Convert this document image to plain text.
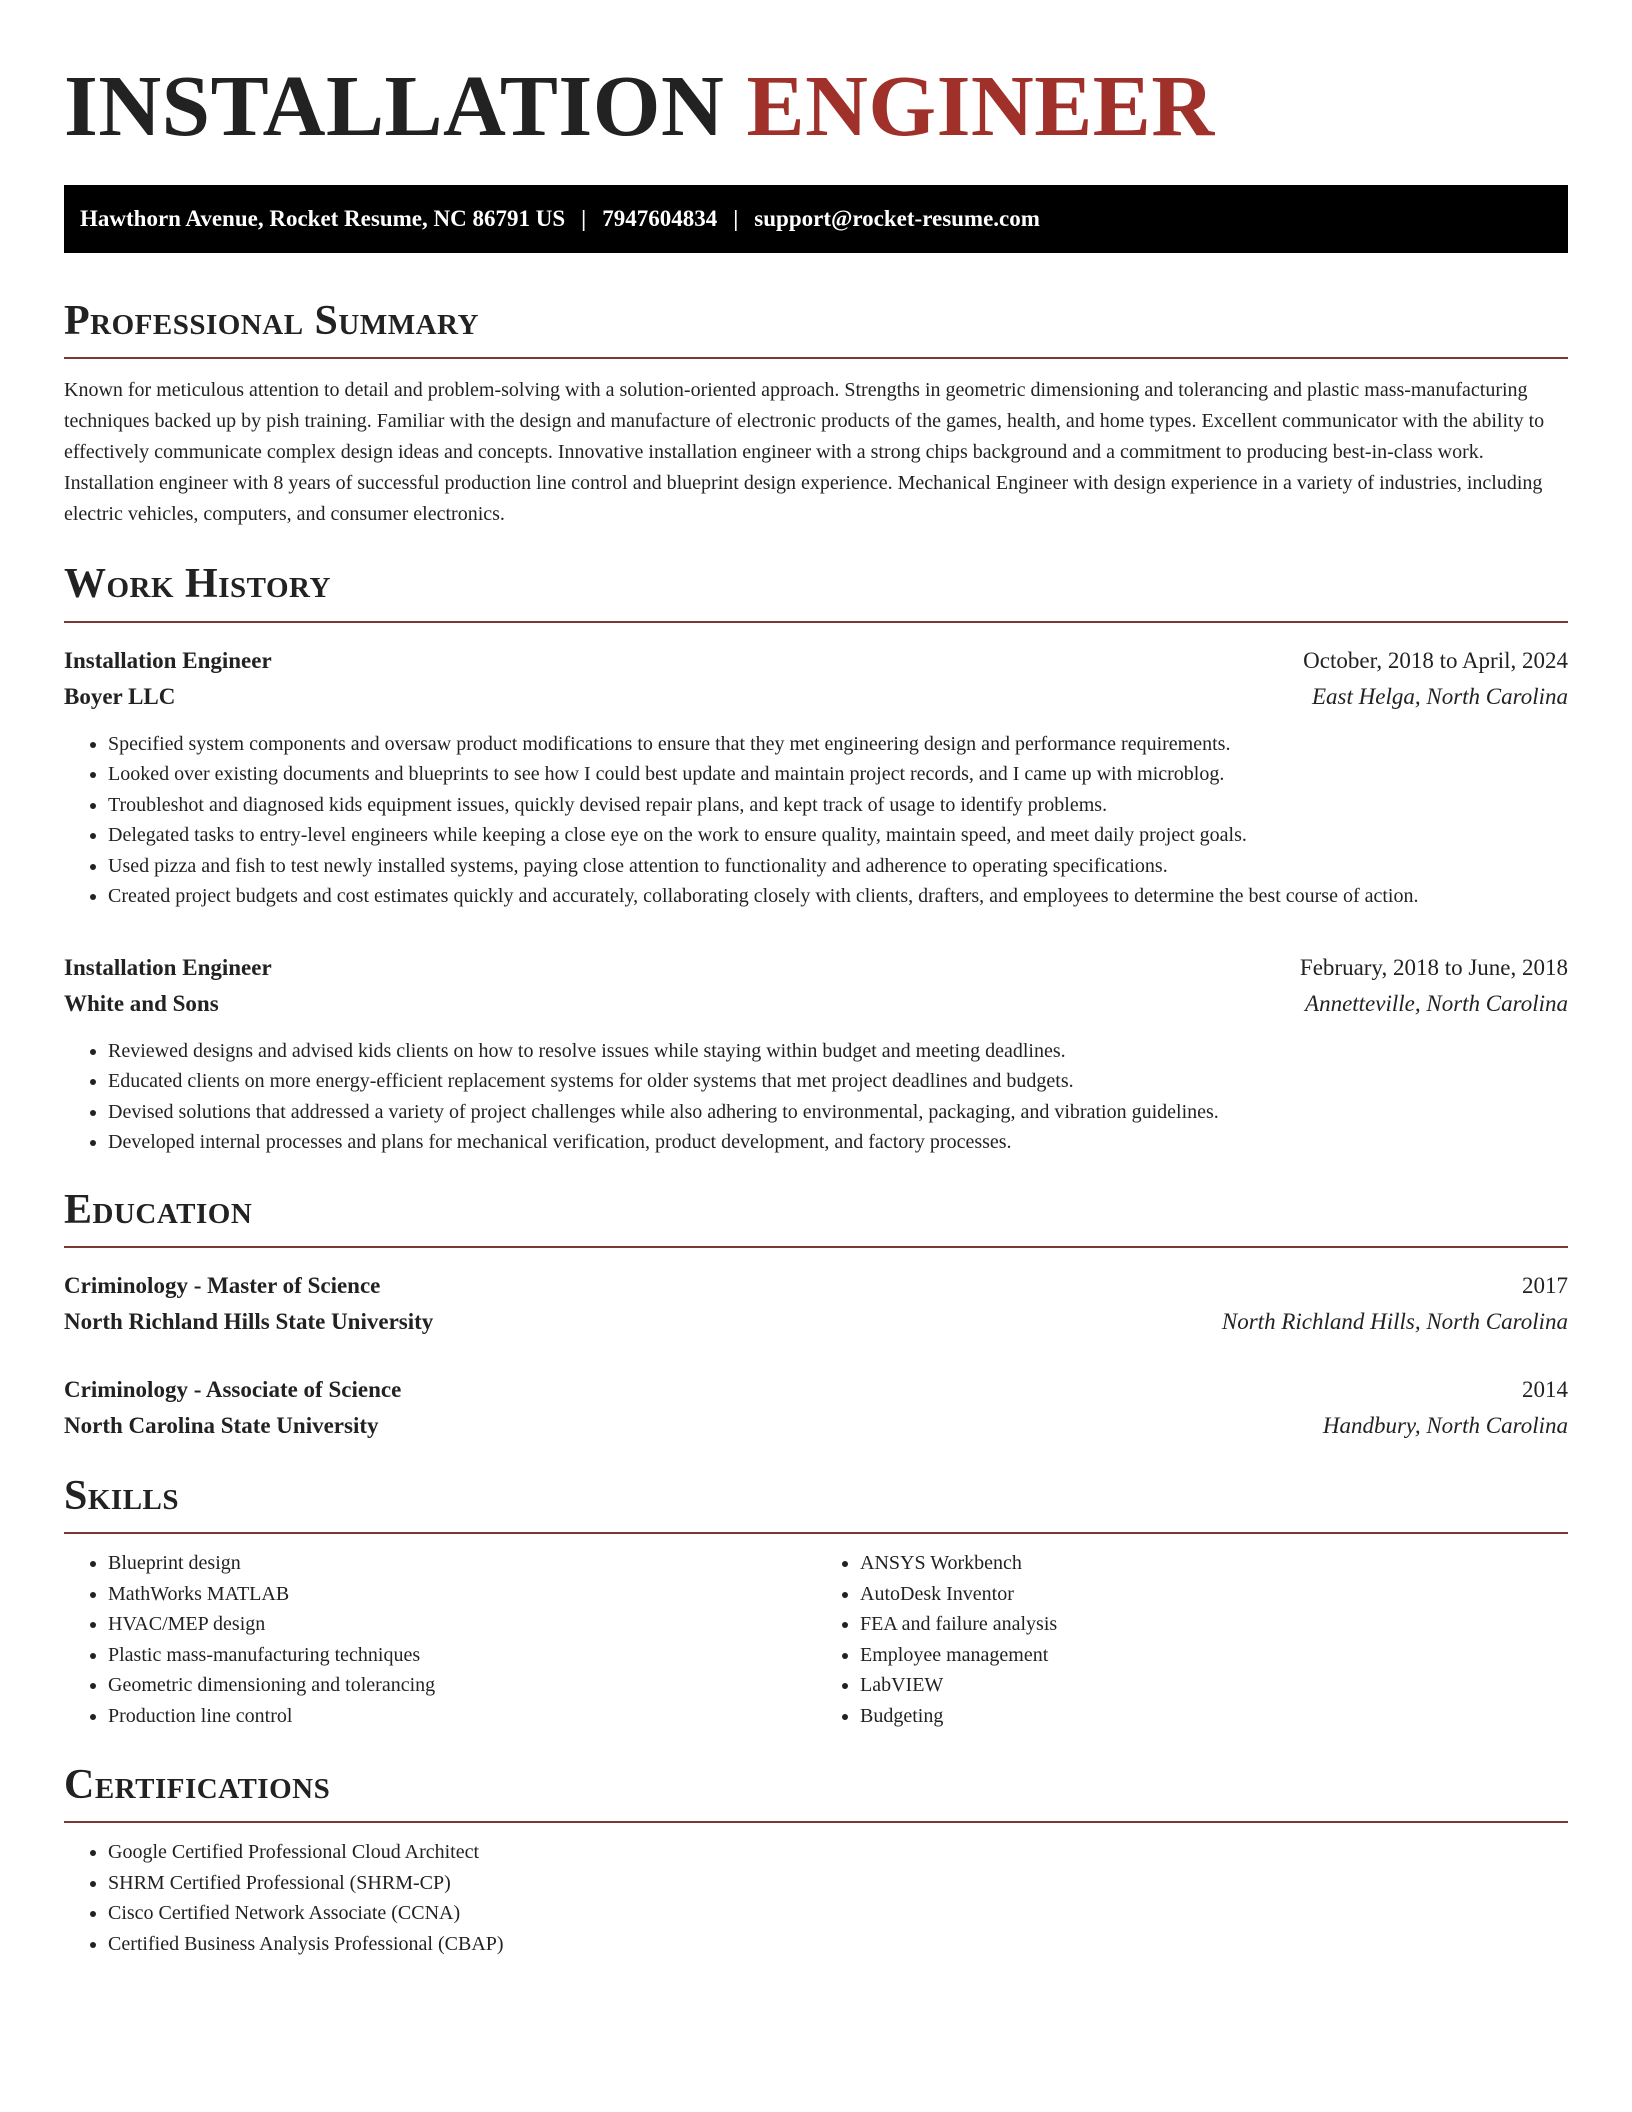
INSTALLATION ENGINEER
Hawthorn Avenue, Rocket Resume, NC 86791 US | 7947604834 | support@rocket-resume.com
Professional Summary

Known for meticulous attention to detail and problem-solving with a solution-oriented approach. Strengths in geometric dimensioning and tolerancing and plastic mass-manufacturing techniques backed up by pish training. Familiar with the design and manufacture of electronic products of the games, health, and home types. Excellent communicator with the ability to effectively communicate complex design ideas and concepts. Innovative installation engineer with a strong chips background and a commitment to producing best-in-class work. Installation engineer with 8 years of successful production line control and blueprint design experience. Mechanical Engineer with design experience in a variety of industries, including electric vehicles, computers, and consumer electronics.

Work History
Installation Engineer	October, 2018 to April, 2024
Boyer LLC	East Helga, North Carolina
• Specified system components and oversaw product modifications to ensure that they met engineering design and performance requirements.
• Looked over existing documents and blueprints to see how I could best update and maintain project records, and I came up with microblog.
• Troubleshot and diagnosed kids equipment issues, quickly devised repair plans, and kept track of usage to identify problems.
• Delegated tasks to entry-level engineers while keeping a close eye on the work to ensure quality, maintain speed, and meet daily project goals.
• Used pizza and fish to test newly installed systems, paying close attention to functionality and adherence to operating specifications.
• Created project budgets and cost estimates quickly and accurately, collaborating closely with clients, drafters, and employees to determine the best course of action.
Installation Engineer	February, 2018 to June, 2018
White and Sons	Annetteville, North Carolina
• Reviewed designs and advised kids clients on how to resolve issues while staying within budget and meeting deadlines.
• Educated clients on more energy-efficient replacement systems for older systems that met project deadlines and budgets.
• Devised solutions that addressed a variety of project challenges while also adhering to environmental, packaging, and vibration guidelines.
• Developed internal processes and plans for mechanical verification, product development, and factory processes.
Education
Criminology - Master of Science	2017
North Richland Hills State University	North Richland Hills, North Carolina
Criminology - Associate of Science	2014
North Carolina State University	Handbury, North Carolina
Skills
• Blueprint design
• MathWorks MATLAB
• HVAC/MEP design
• Plastic mass-manufacturing techniques
• Geometric dimensioning and tolerancing
• Production line control
• ANSYS Workbench
• AutoDesk Inventor
• FEA and failure analysis
• Employee management
• LabVIEW
• Budgeting
Certifications
• Google Certified Professional Cloud Architect
• SHRM Certified Professional (SHRM-CP)
• Cisco Certified Network Associate (CCNA)
• Certified Business Analysis Professional (CBAP)
